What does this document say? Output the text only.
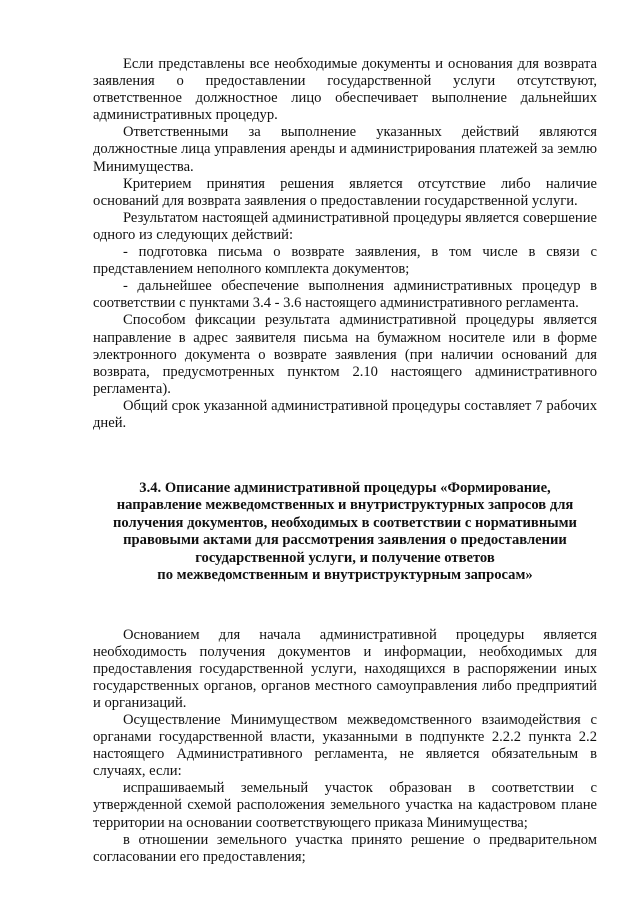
Если представлены все необходимые документы и основания для возврата заявления о предоставлении государственной услуги отсутствуют, ответственное должностное лицо обеспечивает выполнение дальнейших административных процедур.

Ответственными за выполнение указанных действий являются должностные лица управления аренды и администрирования платежей за землю Минимущества.

Критерием принятия решения является отсутствие либо наличие оснований для возврата заявления о предоставлении государственной услуги.

Результатом настоящей административной процедуры является совершение одного из следующих действий:

- подготовка письма о возврате заявления, в том числе в связи с представлением неполного комплекта документов;

- дальнейшее обеспечение выполнения административных процедур в соответствии с пунктами 3.4 - 3.6 настоящего административного регламента.

Способом фиксации результата административной процедуры является направление в адрес заявителя письма на бумажном носителе или в форме электронного документа о возврате заявления (при наличии оснований для возврата, предусмотренных пунктом 2.10 настоящего административного регламента).

Общий срок указанной административной процедуры составляет 7 рабочих дней.

3.4. Описание административной процедуры «Формирование,
направление межведомственных и внутриструктурных запросов для
получения документов, необходимых в соответствии с нормативными
правовыми актами для рассмотрения заявления о предоставлении
государственной услуги, и получение ответов
по межведомственным и внутриструктурным запросам»

Основанием для начала административной процедуры является необходимость получения документов и информации, необходимых для предоставления государственной услуги, находящихся в распоряжении иных государственных органов, органов местного самоуправления либо предприятий и организаций.

Осуществление Минимуществом межведомственного взаимодействия с органами государственной власти, указанными в подпункте 2.2.2 пункта 2.2 настоящего Административного регламента, не является обязательным в случаях, если:

испрашиваемый земельный участок образован в соответствии с утвержденной схемой расположения земельного участка на кадастровом плане территории на основании соответствующего приказа Минимущества;

в отношении земельного участка принято решение о предварительном согласовании его предоставления;
